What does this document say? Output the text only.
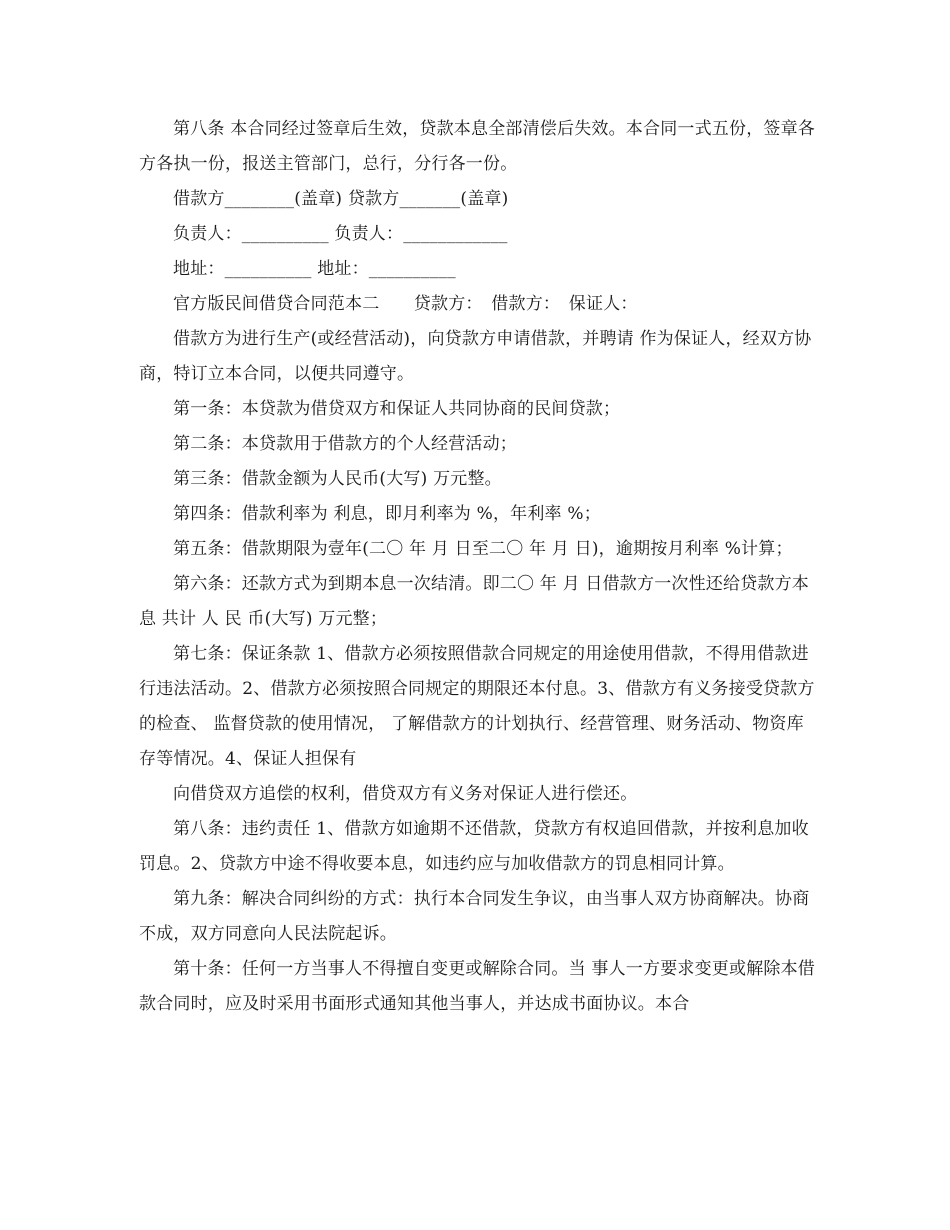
第八条 本合同经过签章后生效，贷款本息全部清偿后失效。本合同一式五份，签章各方各执一份，报送主管部门，总行，分行各一份。

借款方________(盖章) 贷款方_______(盖章)

负责人：__________ 负责人：____________

地址：__________ 地址：__________

官方版民间借贷合同范本二　　贷款方：　借款方：　保证人：

借款方为进行生产(或经营活动)，向贷款方申请借款，并聘请 作为保证人，经双方协商，特订立本合同，以便共同遵守。

第一条：本贷款为借贷双方和保证人共同协商的民间贷款；

第二条：本贷款用于借款方的个人经营活动；

第三条：借款金额为人民币(大写) 万元整。

第四条：借款利率为 利息，即月利率为 %，年利率 %；

第五条：借款期限为壹年(二〇 年 月 日至二〇 年 月 日)，逾期按月利率 %计算；

第六条：还款方式为到期本息一次结清。即二〇 年 月 日借款方一次性还给贷款方本息 共计 人 民 币(大写) 万元整；

第七条：保证条款 1、借款方必须按照借款合同规定的用途使用借款，不得用借款进行违法活动。2、借款方必须按照合同规定的期限还本付息。3、借款方有义务接受贷款方的检查、 监督贷款的使用情况， 了解借款方的计划执行、经营管理、财务活动、物资库存等情况。4、保证人担保有

向借贷双方追偿的权利，借贷双方有义务对保证人进行偿还。

第八条：违约责任 1、借款方如逾期不还借款，贷款方有权追回借款，并按利息加收罚息。2、贷款方中途不得收要本息，如违约应与加收借款方的罚息相同计算。

第九条：解决合同纠纷的方式：执行本合同发生争议，由当事人双方协商解决。协商不成，双方同意向人民法院起诉。

第十条：任何一方当事人不得擅自变更或解除合同。当 事人一方要求变更或解除本借款合同时，应及时采用书面形式通知其他当事人，并达成书面协议。本合
